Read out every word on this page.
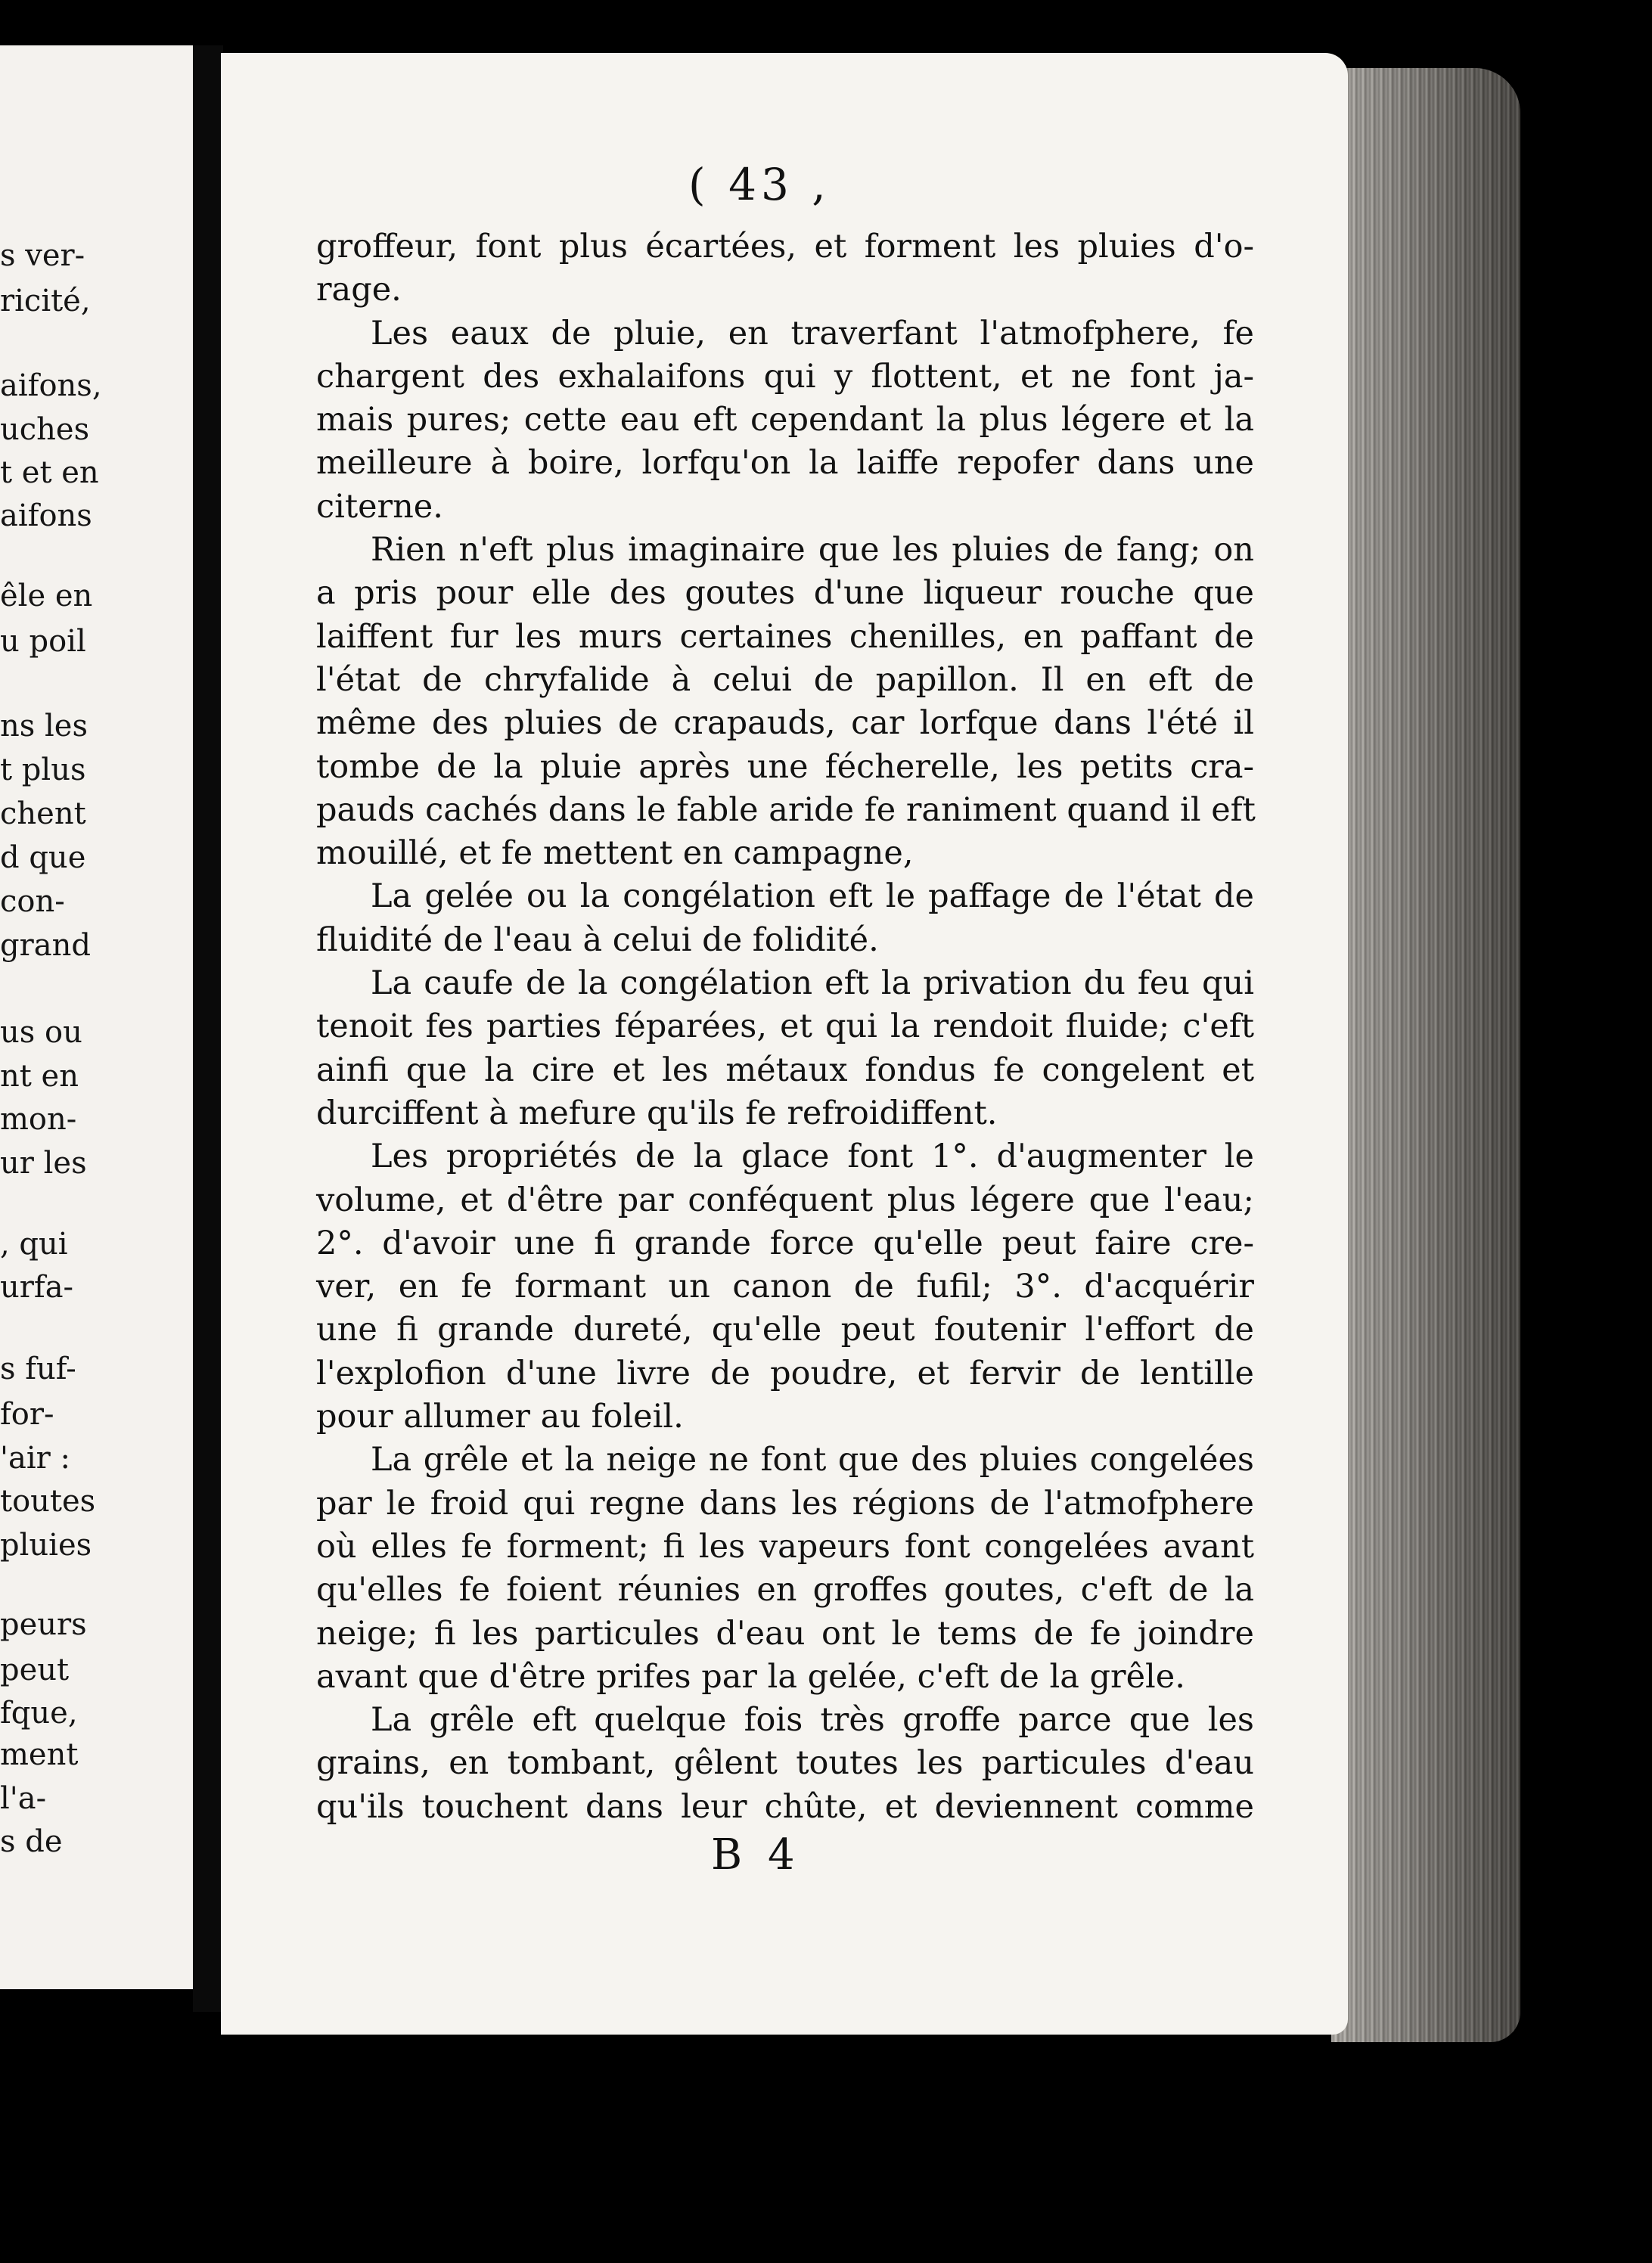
s ver-
ricité,
aifons,
uches
t et en
aifons
êle en
u poil
ns les
t plus
chent
d que
con-
grand
us ou
nt en
mon-
ur les
, qui
urfa-
s fuf-
for-
'air :
toutes
pluies
peurs
peut
fque,
ment
l'a-
s de
( 43 ,
groffeur, font plus écartées, et forment les pluies d'o-
rage.
Les eaux de pluie, en traverfant l'atmofphere, fe
chargent des exhalaifons qui y flottent, et ne font ja-
mais pures; cette eau eft cependant la plus légere et la
meilleure à boire, lorfqu'on la laiffe repofer dans une
citerne.
Rien n'eft plus imaginaire que les pluies de fang; on
a pris pour elle des goutes d'une liqueur rouche que
laiffent fur les murs certaines chenilles, en paffant de
l'état de chryfalide à celui de papillon. Il en eft de
même des pluies de crapauds, car lorfque dans l'été il
tombe de la pluie après une fécherelle, les petits cra-
pauds cachés dans le fable aride fe raniment quand il eft
mouillé, et fe mettent en campagne,
La gelée ou la congélation eft le paffage de l'état de
fluidité de l'eau à celui de folidité.
La caufe de la congélation eft la privation du feu qui
tenoit fes parties féparées, et qui la rendoit fluide; c'eft
ainfi que la cire et les métaux fondus fe congelent et
durciffent à mefure qu'ils fe refroidiffent.
Les propriétés de la glace font 1°. d'augmenter le
volume, et d'être par conféquent plus légere que l'eau;
2°. d'avoir une fi grande force qu'elle peut faire cre-
ver, en fe formant un canon de fufil; 3°. d'acquérir
une fi grande dureté, qu'elle peut foutenir l'effort de
l'explofion d'une livre de poudre, et fervir de lentille
pour allumer au foleil.
La grêle et la neige ne font que des pluies congelées
par le froid qui regne dans les régions de l'atmofphere
où elles fe forment; fi les vapeurs font congelées avant
qu'elles fe foient réunies en groffes goutes, c'eft de la
neige; fi les particules d'eau ont le tems de fe joindre
avant que d'être prifes par la gelée, c'eft de la grêle.
La grêle eft quelque fois très groffe parce que les
grains, en tombant, gêlent toutes les particules d'eau
qu'ils touchent dans leur chûte, et deviennent comme
B 4
